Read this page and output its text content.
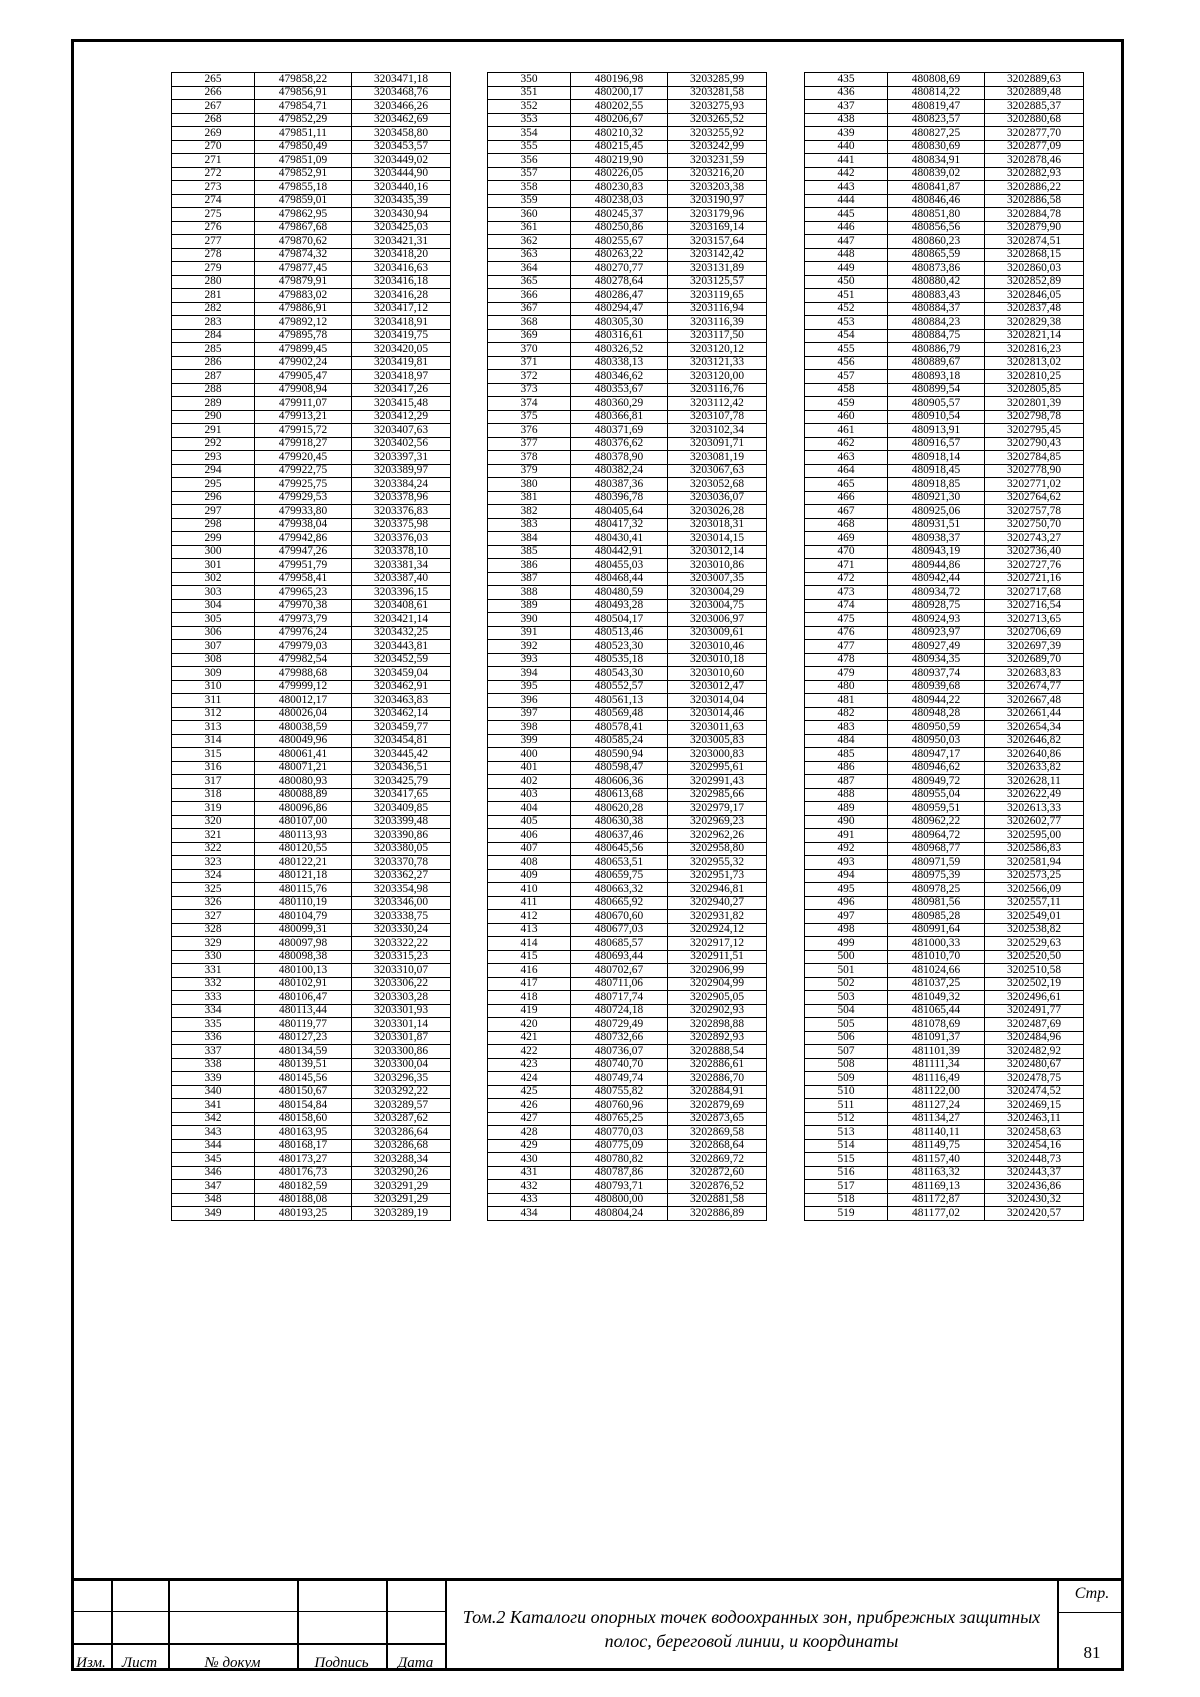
265	479858,22	3203471,18
266	479856,91	3203468,76
267	479854,71	3203466,26
268	479852,29	3203462,69
269	479851,11	3203458,80
270	479850,49	3203453,57
271	479851,09	3203449,02
272	479852,91	3203444,90
273	479855,18	3203440,16
274	479859,01	3203435,39
275	479862,95	3203430,94
276	479867,68	3203425,03
277	479870,62	3203421,31
278	479874,32	3203418,20
279	479877,45	3203416,63
280	479879,91	3203416,18
281	479883,02	3203416,28
282	479886,91	3203417,12
283	479892,12	3203418,91
284	479895,78	3203419,75
285	479899,45	3203420,05
286	479902,24	3203419,81
287	479905,47	3203418,97
288	479908,94	3203417,26
289	479911,07	3203415,48
290	479913,21	3203412,29
291	479915,72	3203407,63
292	479918,27	3203402,56
293	479920,45	3203397,31
294	479922,75	3203389,97
295	479925,75	3203384,24
296	479929,53	3203378,96
297	479933,80	3203376,83
298	479938,04	3203375,98
299	479942,86	3203376,03
300	479947,26	3203378,10
301	479951,79	3203381,34
302	479958,41	3203387,40
303	479965,23	3203396,15
304	479970,38	3203408,61
305	479973,79	3203421,14
306	479976,24	3203432,25
307	479979,03	3203443,81
308	479982,54	3203452,59
309	479988,68	3203459,04
310	479999,12	3203462,91
311	480012,17	3203463,83
312	480026,04	3203462,14
313	480038,59	3203459,77
314	480049,96	3203454,81
315	480061,41	3203445,42
316	480071,21	3203436,51
317	480080,93	3203425,79
318	480088,89	3203417,65
319	480096,86	3203409,85
320	480107,00	3203399,48
321	480113,93	3203390,86
322	480120,55	3203380,05
323	480122,21	3203370,78
324	480121,18	3203362,27
325	480115,76	3203354,98
326	480110,19	3203346,00
327	480104,79	3203338,75
328	480099,31	3203330,24
329	480097,98	3203322,22
330	480098,38	3203315,23
331	480100,13	3203310,07
332	480102,91	3203306,22
333	480106,47	3203303,28
334	480113,44	3203301,93
335	480119,77	3203301,14
336	480127,23	3203301,87
337	480134,59	3203300,86
338	480139,51	3203300,04
339	480145,56	3203296,35
340	480150,67	3203292,22
341	480154,84	3203289,57
342	480158,60	3203287,62
343	480163,95	3203286,64
344	480168,17	3203286,68
345	480173,27	3203288,34
346	480176,73	3203290,26
347	480182,59	3203291,29
348	480188,08	3203291,29
349	480193,25	3203289,19
350	480196,98	3203285,99
351	480200,17	3203281,58
352	480202,55	3203275,93
353	480206,67	3203265,52
354	480210,32	3203255,92
355	480215,45	3203242,99
356	480219,90	3203231,59
357	480226,05	3203216,20
358	480230,83	3203203,38
359	480238,03	3203190,97
360	480245,37	3203179,96
361	480250,86	3203169,14
362	480255,67	3203157,64
363	480263,22	3203142,42
364	480270,77	3203131,89
365	480278,64	3203125,57
366	480286,47	3203119,65
367	480294,47	3203116,94
368	480305,30	3203116,39
369	480316,61	3203117,50
370	480326,52	3203120,12
371	480338,13	3203121,33
372	480346,62	3203120,00
373	480353,67	3203116,76
374	480360,29	3203112,42
375	480366,81	3203107,78
376	480371,69	3203102,34
377	480376,62	3203091,71
378	480378,90	3203081,19
379	480382,24	3203067,63
380	480387,36	3203052,68
381	480396,78	3203036,07
382	480405,64	3203026,28
383	480417,32	3203018,31
384	480430,41	3203014,15
385	480442,91	3203012,14
386	480455,03	3203010,86
387	480468,44	3203007,35
388	480480,59	3203004,29
389	480493,28	3203004,75
390	480504,17	3203006,97
391	480513,46	3203009,61
392	480523,30	3203010,46
393	480535,18	3203010,18
394	480543,30	3203010,60
395	480552,57	3203012,47
396	480561,13	3203014,04
397	480569,48	3203014,46
398	480578,41	3203011,63
399	480585,24	3203005,83
400	480590,94	3203000,83
401	480598,47	3202995,61
402	480606,36	3202991,43
403	480613,68	3202985,66
404	480620,28	3202979,17
405	480630,38	3202969,23
406	480637,46	3202962,26
407	480645,56	3202958,80
408	480653,51	3202955,32
409	480659,75	3202951,73
410	480663,32	3202946,81
411	480665,92	3202940,27
412	480670,60	3202931,82
413	480677,03	3202924,12
414	480685,57	3202917,12
415	480693,44	3202911,51
416	480702,67	3202906,99
417	480711,06	3202904,99
418	480717,74	3202905,05
419	480724,18	3202902,93
420	480729,49	3202898,88
421	480732,66	3202892,93
422	480736,07	3202888,54
423	480740,70	3202886,61
424	480749,74	3202886,70
425	480755,82	3202884,91
426	480760,96	3202879,69
427	480765,25	3202873,65
428	480770,03	3202869,58
429	480775,09	3202868,64
430	480780,82	3202869,72
431	480787,86	3202872,60
432	480793,71	3202876,52
433	480800,00	3202881,58
434	480804,24	3202886,89
435	480808,69	3202889,63
436	480814,22	3202889,48
437	480819,47	3202885,37
438	480823,57	3202880,68
439	480827,25	3202877,70
440	480830,69	3202877,09
441	480834,91	3202878,46
442	480839,02	3202882,93
443	480841,87	3202886,22
444	480846,46	3202886,58
445	480851,80	3202884,78
446	480856,56	3202879,90
447	480860,23	3202874,51
448	480865,59	3202868,15
449	480873,86	3202860,03
450	480880,42	3202852,89
451	480883,43	3202846,05
452	480884,37	3202837,48
453	480884,23	3202829,38
454	480884,75	3202821,14
455	480886,79	3202816,23
456	480889,67	3202813,02
457	480893,18	3202810,25
458	480899,54	3202805,85
459	480905,57	3202801,39
460	480910,54	3202798,78
461	480913,91	3202795,45
462	480916,57	3202790,43
463	480918,14	3202784,85
464	480918,45	3202778,90
465	480918,85	3202771,02
466	480921,30	3202764,62
467	480925,06	3202757,78
468	480931,51	3202750,70
469	480938,37	3202743,27
470	480943,19	3202736,40
471	480944,86	3202727,76
472	480942,44	3202721,16
473	480934,72	3202717,68
474	480928,75	3202716,54
475	480924,93	3202713,65
476	480923,97	3202706,69
477	480927,49	3202697,39
478	480934,35	3202689,70
479	480937,74	3202683,83
480	480939,68	3202674,77
481	480944,22	3202667,48
482	480948,28	3202661,44
483	480950,59	3202654,34
484	480950,03	3202646,82
485	480947,17	3202640,86
486	480946,62	3202633,82
487	480949,72	3202628,11
488	480955,04	3202622,49
489	480959,51	3202613,33
490	480962,22	3202602,77
491	480964,72	3202595,00
492	480968,77	3202586,83
493	480971,59	3202581,94
494	480975,39	3202573,25
495	480978,25	3202566,09
496	480981,56	3202557,11
497	480985,28	3202549,01
498	480991,64	3202538,82
499	481000,33	3202529,63
500	481010,70	3202520,50
501	481024,66	3202510,58
502	481037,25	3202502,19
503	481049,32	3202496,61
504	481065,44	3202491,77
505	481078,69	3202487,69
506	481091,37	3202484,96
507	481101,39	3202482,92
508	481111,34	3202480,67
509	481116,49	3202478,75
510	481122,00	3202474,52
511	481127,24	3202469,15
512	481134,27	3202463,11
513	481140,11	3202458,63
514	481149,75	3202454,16
515	481157,40	3202448,73
516	481163,32	3202443,37
517	481169,13	3202436,86
518	481172,87	3202430,32
519	481177,02	3202420,57
Изм.	Лист	№ докум	Подпись	Дата
Том.2 Каталоги опорных точек водоохранных зон, прибрежных защитных полос, береговой линии, и координаты
Стр.
81
